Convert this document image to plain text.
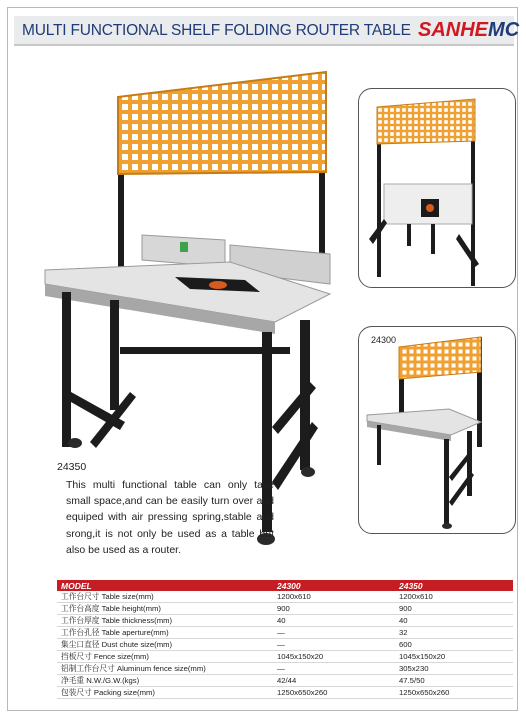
MULTI FUNCTIONAL SHELF FOLDING ROUTER TABLE SANHEMC
24300
24350
This multi functional table can only take small space,and can be easily turn over and equiped with air pressing spring,stable and srong,it is not only be used as a table but also be used as a router.
MODEL	24300	24350
工作台尺寸 Table size(mm)	1200x610	1200x610
工作台高度 Table height(mm)	900	900
工作台厚度 Table thickness(mm)	40	40
工作台孔径 Table aperture(mm)	—	32
集尘口直径 Dust chute size(mm)	—	600
挡板尺寸 Fence size(mm)	1045x150x20	1045x150x20
铝制工作台尺寸 Aluminum fence size(mm)	—	305x230
净毛重 N.W./G.W.(kgs)	42/44	47.5/50
包装尺寸 Packing size(mm)	1250x650x260	1250x650x260
